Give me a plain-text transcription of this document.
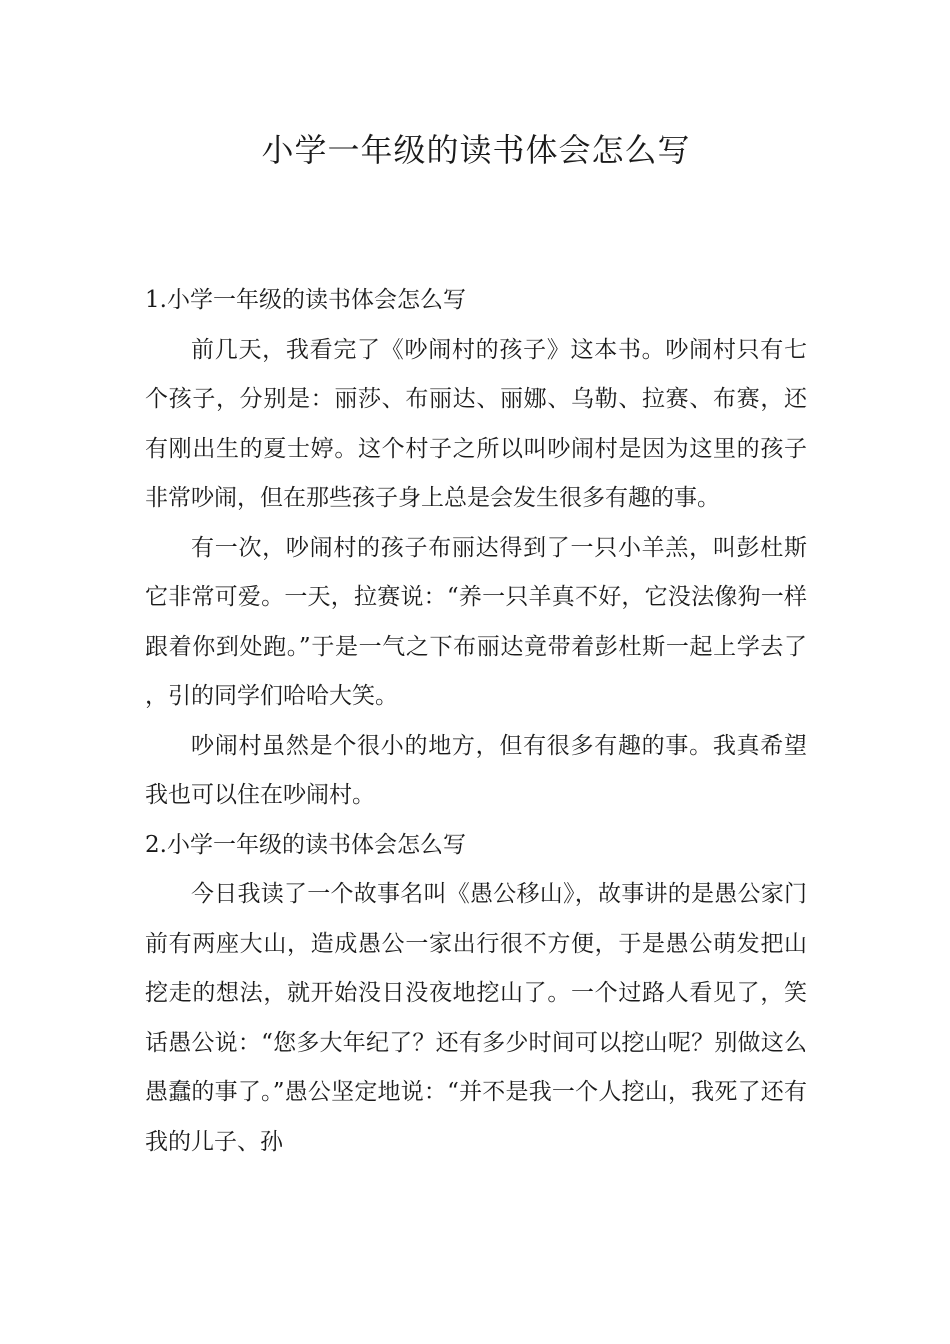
小学一年级的读书体会怎么写
1.小学一年级的读书体会怎么写

前几天，我看完了《吵闹村的孩子》这本书。吵闹村只有七个孩子，分别是：丽莎、布丽达、丽娜、乌勒、拉赛、布赛，还有刚出生的夏士婷。这个村子之所以叫吵闹村是因为这里的孩子非常吵闹，但在那些孩子身上总是会发生很多有趣的事。

有一次，吵闹村的孩子布丽达得到了一只小羊羔，叫彭杜斯它非常可爱。一天，拉赛说：“养一只羊真不好，它没法像狗一样跟着你到处跑。”于是一气之下布丽达竟带着彭杜斯一起上学去了，引的同学们哈哈大笑。

吵闹村虽然是个很小的地方，但有很多有趣的事。我真希望我也可以住在吵闹村。

2.小学一年级的读书体会怎么写

今日我读了一个故事名叫《愚公移山》，故事讲的是愚公家门前有两座大山，造成愚公一家出行很不方便，于是愚公萌发把山挖走的想法，就开始没日没夜地挖山了。一个过路人看见了，笑话愚公说：“您多大年纪了？还有多少时间可以挖山呢？别做这么愚蠢的事了。”愚公坚定地说：“并不是我一个人挖山，我死了还有我的儿子、孙
